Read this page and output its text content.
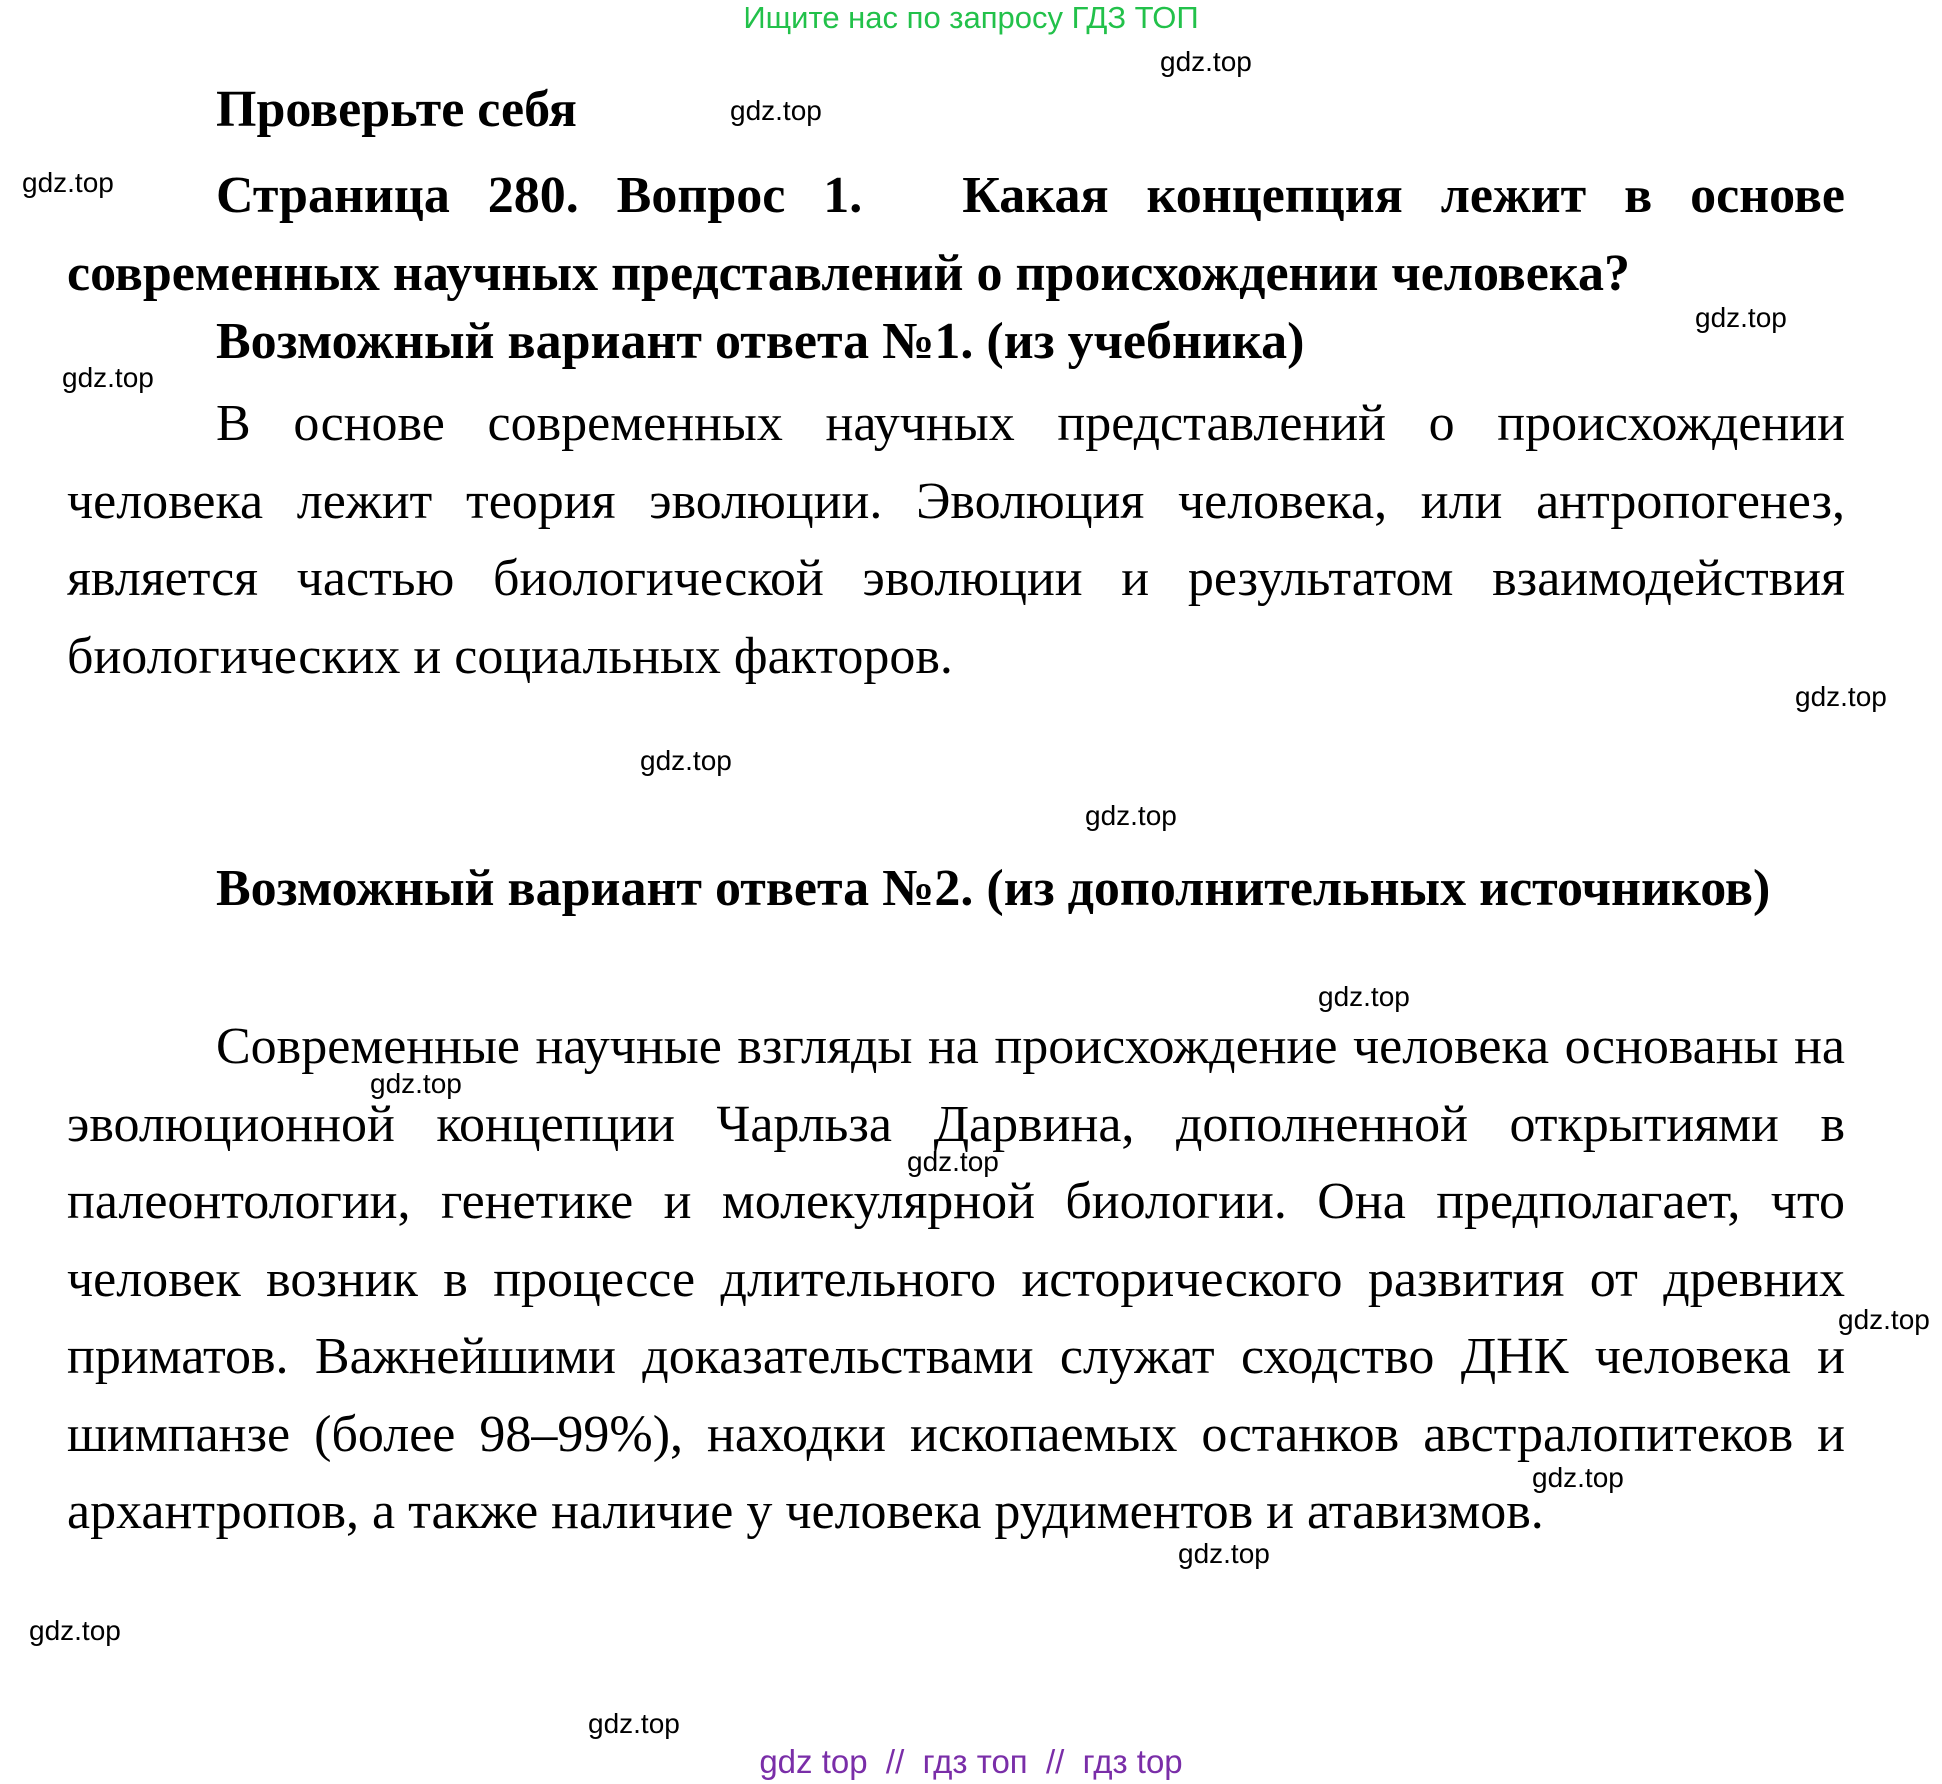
Ищите нас по запросу ГДЗ ТОП
Проверьте себя
Страница 280. Вопрос 1. Какая концепция лежит в основе современных научных представлений о происхождении человека?
Возможный вариант ответа №1. (из учебника)
В основе современных научных представлений о происхождении человека лежит теория эволюции. Эволюция человека, или антропогенез, является частью биологической эволюции и результатом взаимодействия биологических и социальных факторов.
Возможный вариант ответа №2. (из дополнительных источников)
Современные научные взгляды на происхождение человека основаны на эволюционной концепции Чарльза Дарвина, дополненной открытиями в палеонтологии, генетике и молекулярной биологии. Она предполагает, что человек возник в процессе длительного исторического развития от древних приматов. Важнейшими доказательствами служат сходство ДНК человека и шимпанзе (более 98–99%), находки ископаемых останков австралопитеков и архантропов, а также наличие у человека рудиментов и атавизмов.
gdz.top
gdz.top
gdz.top
gdz.top
gdz.top
gdz.top
gdz.top
gdz.top
gdz.top
gdz.top
gdz.top
gdz.top
gdz.top
gdz.top
gdz.top
gdz.top
gdz top  //  гдз топ  //  гдз top
